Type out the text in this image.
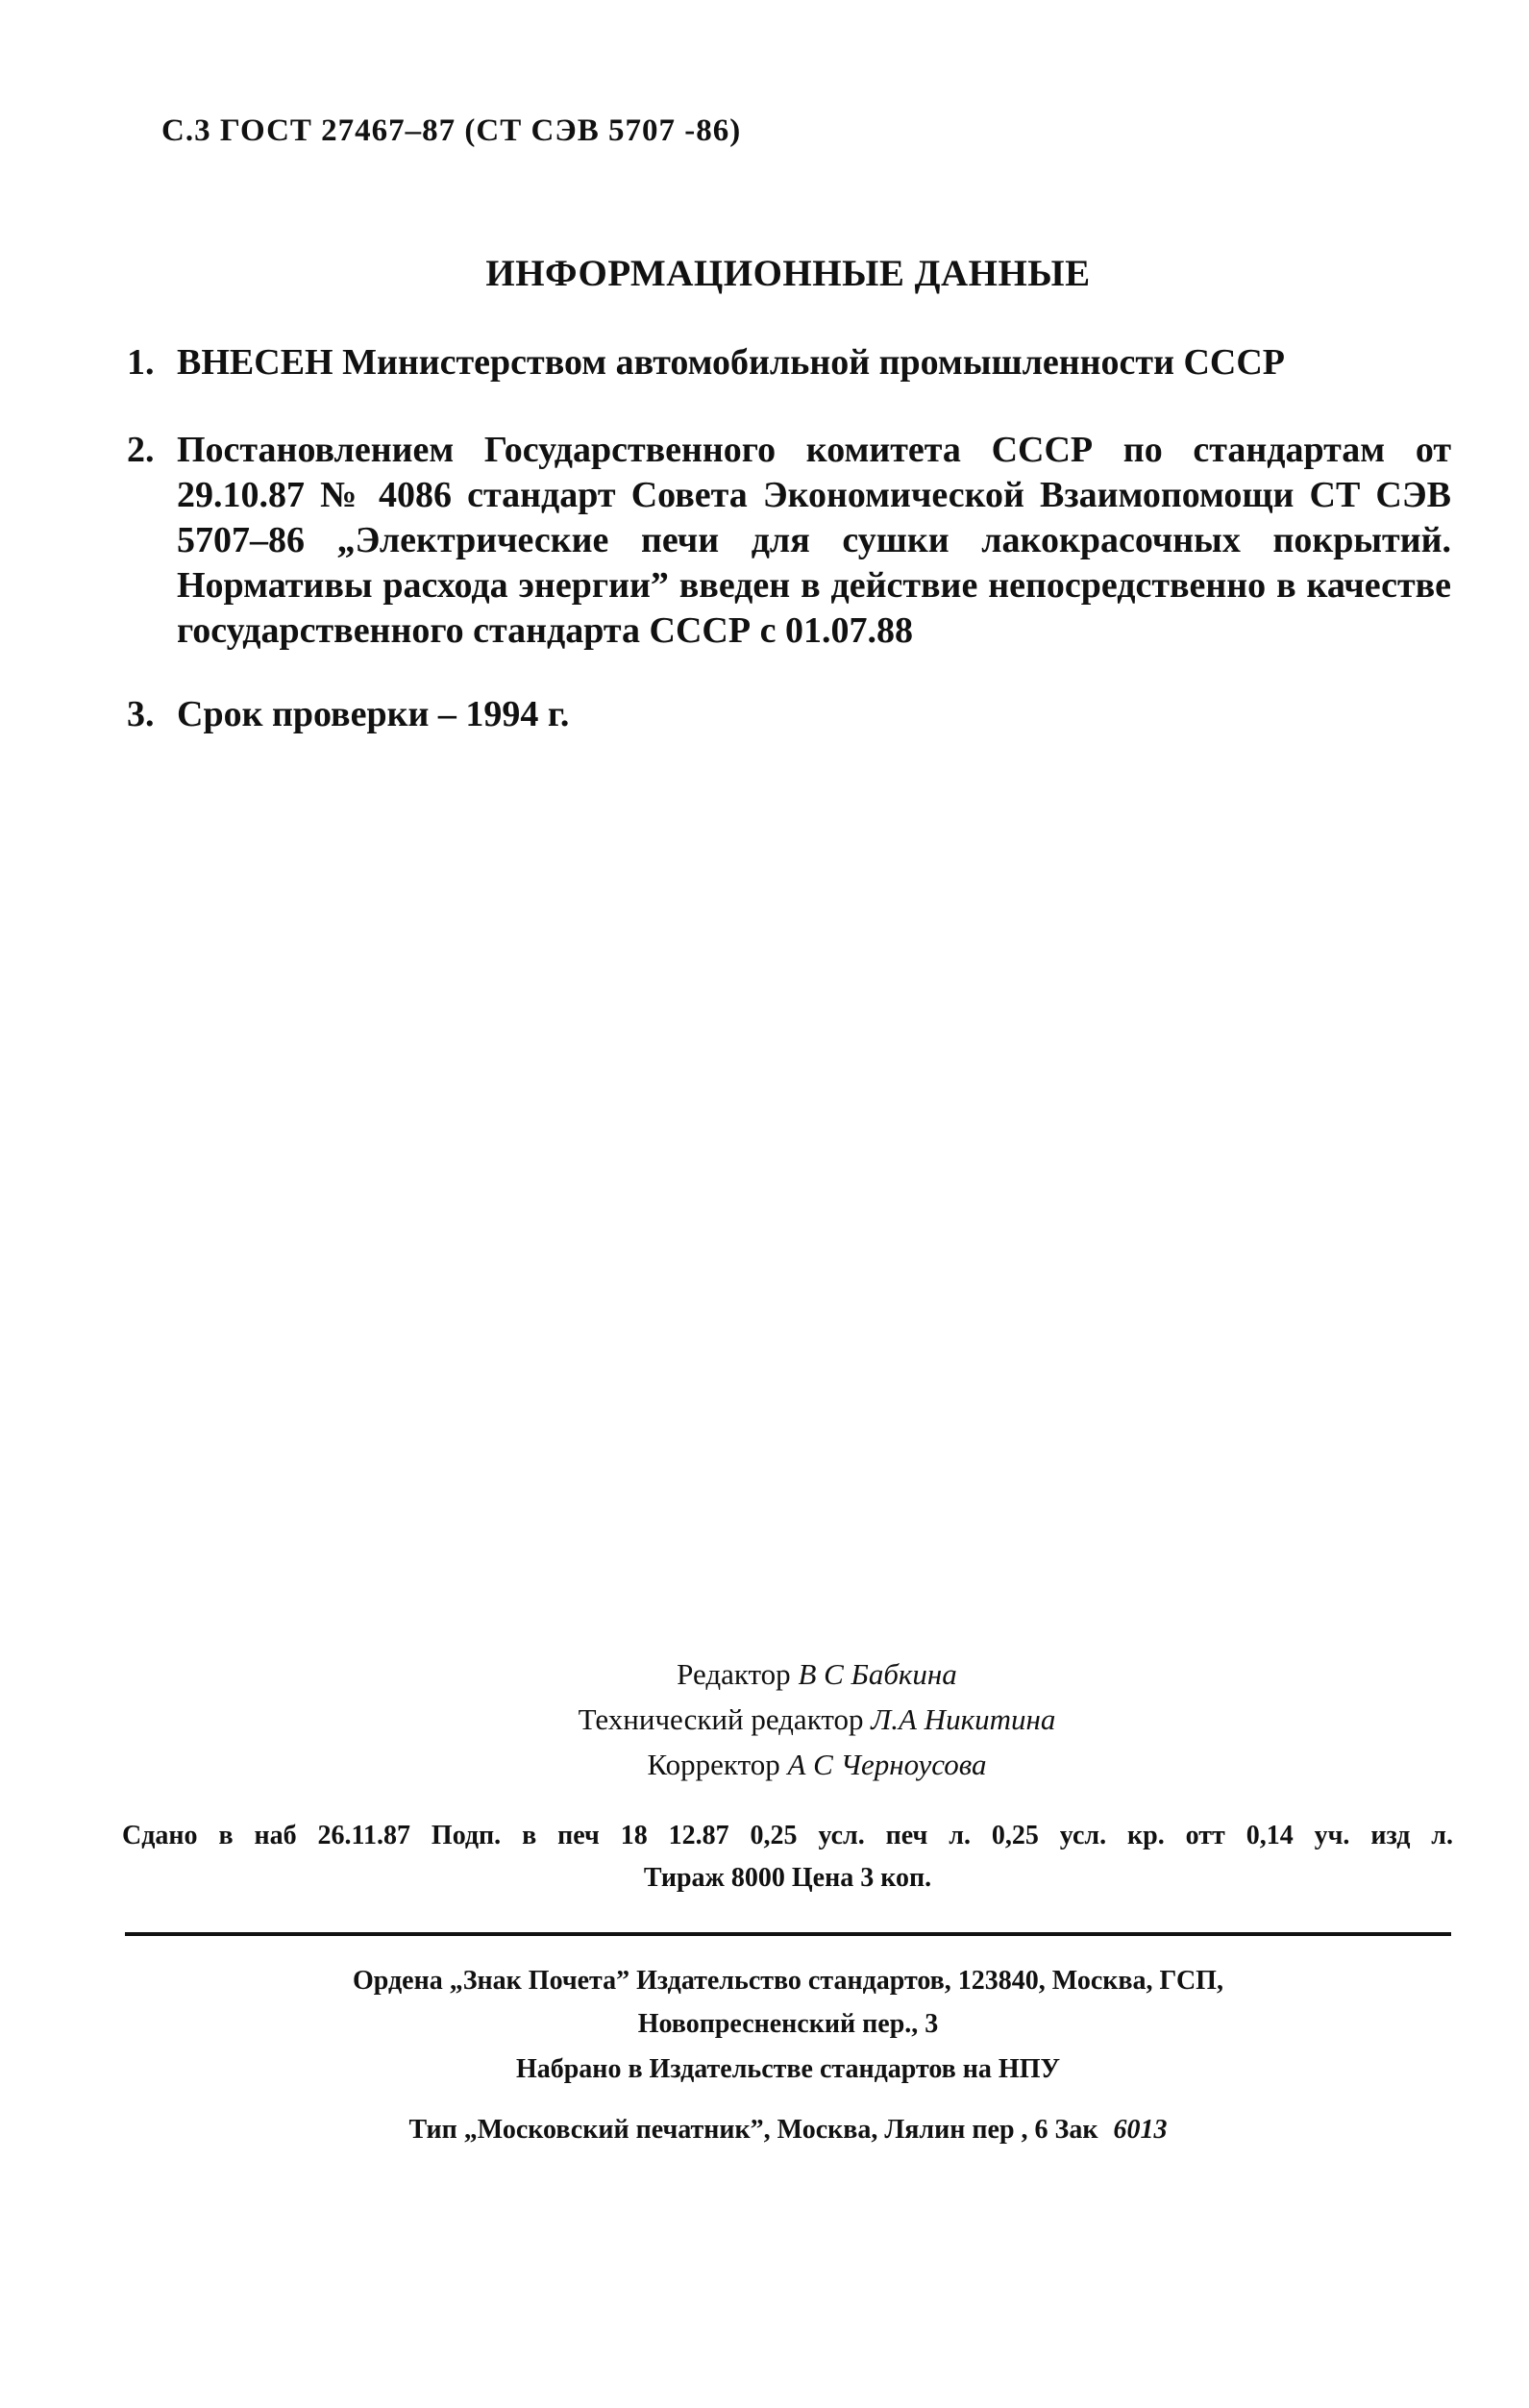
С.3 ГОСТ 27467–87 (СТ СЭВ 5707 -86)
ИНФОРМАЦИОННЫЕ ДАННЫЕ
1. ВНЕСЕН Министерством автомобильной промышленности СССР
2. Постановлением Государственного комитета СССР по стандартам от 29.10.87 № 4086 стандарт Совета Экономической Взаимопомощи СТ СЭВ 5707–86 „Электрические печи для сушки лакокрасочных покрытий. Нормативы расхода энергии” введен в действие непосредственно в качестве государственного стандарта СССР с 01.07.88
3. Срок проверки – 1994 г.
Редактор В С Бабкина
Технический редактор Л.А Никитина
Корректор А С Черноусова
Сдано в наб 26.11.87 Подп. в печ 18 12.87 0,25 усл. печ л. 0,25 усл. кр. отт 0,14 уч. изд л.
Тираж 8000 Цена 3 коп.
Ордена „Знак Почета” Издательство стандартов, 123840, Москва, ГСП,
Новопресненский пер., 3
Набрано в Издательстве стандартов на НПУ
Тип „Московский печатник”, Москва, Лялин пер , 6 Зак 6013
